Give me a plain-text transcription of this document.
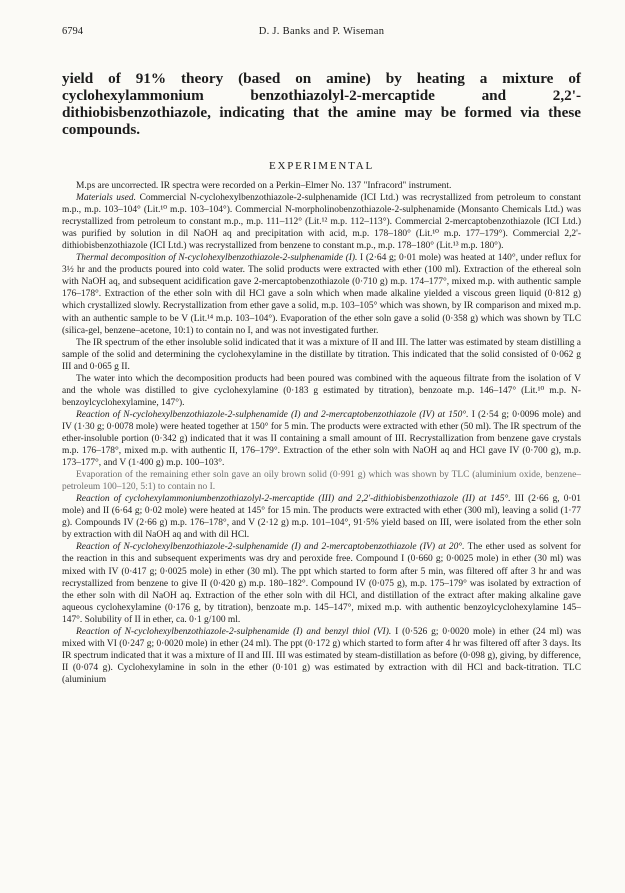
6794	D. J. Banks and P. Wiseman
yield of 91% theory (based on amine) by heating a mixture of cyclohexylammonium benzothiazolyl-2-mercaptide and 2,2'-dithiobisbenzothiazole, indicating that the amine may be formed via these compounds.
EXPERIMENTAL

M.ps are uncorrected. IR spectra were recorded on a Perkin–Elmer No. 137 "Infracord" instrument.

Materials used. Commercial N-cyclohexylbenzothiazole-2-sulphenamide (ICI Ltd.) was recrystallized from petroleum to constant m.p., m.p. 103–104° (Lit.¹⁰ m.p. 103–104°). Commercial N-morpholinobenzothiazole-2-sulphenamide (Monsanto Chemicals Ltd.) was recrystallized from petroleum to constant m.p., m.p. 111–112° (Lit.¹² m.p. 112–113°). Commercial 2-mercaptobenzothiazole (ICI Ltd.) was purified by solution in dil NaOH aq and precipitation with acid, m.p. 178–180° (Lit.¹⁰ m.p. 177–179°). Commercial 2,2'-dithiobisbenzothiazole (ICI Ltd.) was recrystallized from benzene to constant m.p., m.p. 178–180° (Lit.¹³ m.p. 180°).

Thermal decomposition of N-cyclohexylbenzothiazole-2-sulphenamide (I). I (2·64 g; 0·01 mole) was heated at 140°, under reflux for 3½ hr and the products poured into cold water. The solid products were extracted with ether (100 ml). Extraction of the ethereal soln with NaOH aq, and subsequent acidification gave 2-mercaptobenzothiazole (0·710 g) m.p. 174–177°, mixed m.p. with authentic sample 176–178°. Extraction of the ether soln with dil HCl gave a soln which when made alkaline yielded a viscous green liquid (0·812 g) which crystallized slowly. Recrystallization from ether gave a solid, m.p. 103–105° which was shown, by IR comparison and mixed m.p. with an authentic sample to be V (Lit.¹⁴ m.p. 103–104°). Evaporation of the ether soln gave a solid (0·358 g) which was shown by TLC (silica-gel, benzene–acetone, 10:1) to contain no I, and was not investigated further.

The IR spectrum of the ether insoluble solid indicated that it was a mixture of II and III. The latter was estimated by steam distilling a sample of the solid and determining the cyclohexylamine in the distillate by titration. This indicated that the solid consisted of 0·062 g III and 0·065 g II.

The water into which the decomposition products had been poured was combined with the aqueous filtrate from the isolation of V and the whole was distilled to give cyclohexylamine (0·183 g estimated by titration), benzoate m.p. 146–147° (Lit.¹⁰ m.p. N-benzoylcyclohexylamine, 147°).

Reaction of N-cyclohexylbenzothiazole-2-sulphenamide (I) and 2-mercaptobenzothiazole (IV) at 150°. I (2·54 g; 0·0096 mole) and IV (1·30 g; 0·0078 mole) were heated together at 150° for 5 min. The products were extracted with ether (50 ml). The IR spectrum of the ether-insoluble portion (0·342 g) indicated that it was II containing a small amount of III. Recrystallization from benzene gave crystals m.p. 176–178°, mixed m.p. with authentic II, 176–179°. Extraction of the ether soln with NaOH aq and HCl gave IV (0·700 g), m.p. 173–177°, and V (1·400 g) m.p. 100–103°.

Evaporation of the remaining ether soln gave an oily brown solid (0·991 g) which was shown by TLC (aluminium oxide, benzene–petroleum 100–120, 5:1) to contain no I.

Reaction of cyclohexylammoniumbenzothiazolyl-2-mercaptide (III) and 2,2'-dithiobisbenzothiazole (II) at 145°. III (2·66 g, 0·01 mole) and II (6·64 g; 0·02 mole) were heated at 145° for 15 min. The products were extracted with ether (300 ml), leaving a solid (1·77 g). Compounds IV (2·66 g) m.p. 176–178°, and V (2·12 g) m.p. 101–104°, 91·5% yield based on III, were isolated from the ether soln by extraction with dil NaOH aq and with dil HCl.

Reaction of N-cyclohexylbenzothiazole-2-sulphenamide (I) and 2-mercaptobenzothiazole (IV) at 20°. The ether used as solvent for the reaction in this and subsequent experiments was dry and peroxide free. Compound I (0·660 g; 0·0025 mole) in ether (30 ml) was mixed with IV (0·417 g; 0·0025 mole) in ether (30 ml). The ppt which started to form after 5 min, was filtered off after 3 hr and was recrystallized from benzene to give II (0·420 g) m.p. 180–182°. Compound IV (0·075 g), m.p. 175–179° was isolated by extraction of the ether soln with dil NaOH aq. Extraction of the ether soln with dil HCl, and distillation of the extract after making alkaline gave aqueous cyclohexylamine (0·176 g, by titration), benzoate m.p. 145–147°, mixed m.p. with authentic benzoylcyclohexylamine 145–147°. Solubility of II in ether, ca. 0·1 g/100 ml.

Reaction of N-cyclohexylbenzothiazole-2-sulphenamide (I) and benzyl thiol (VI). I (0·526 g; 0·0020 mole) in ether (24 ml) was mixed with VI (0·247 g; 0·0020 mole) in ether (24 ml). The ppt (0·172 g) which started to form after 4 hr was filtered off after 3 days. Its IR spectrum indicated that it was a mixture of II and III. III was estimated by steam-distillation as before (0·098 g), giving, by difference, II (0·074 g). Cyclohexylamine in soln in the ether (0·101 g) was estimated by extraction with dil HCl and back-titration. TLC (aluminium
